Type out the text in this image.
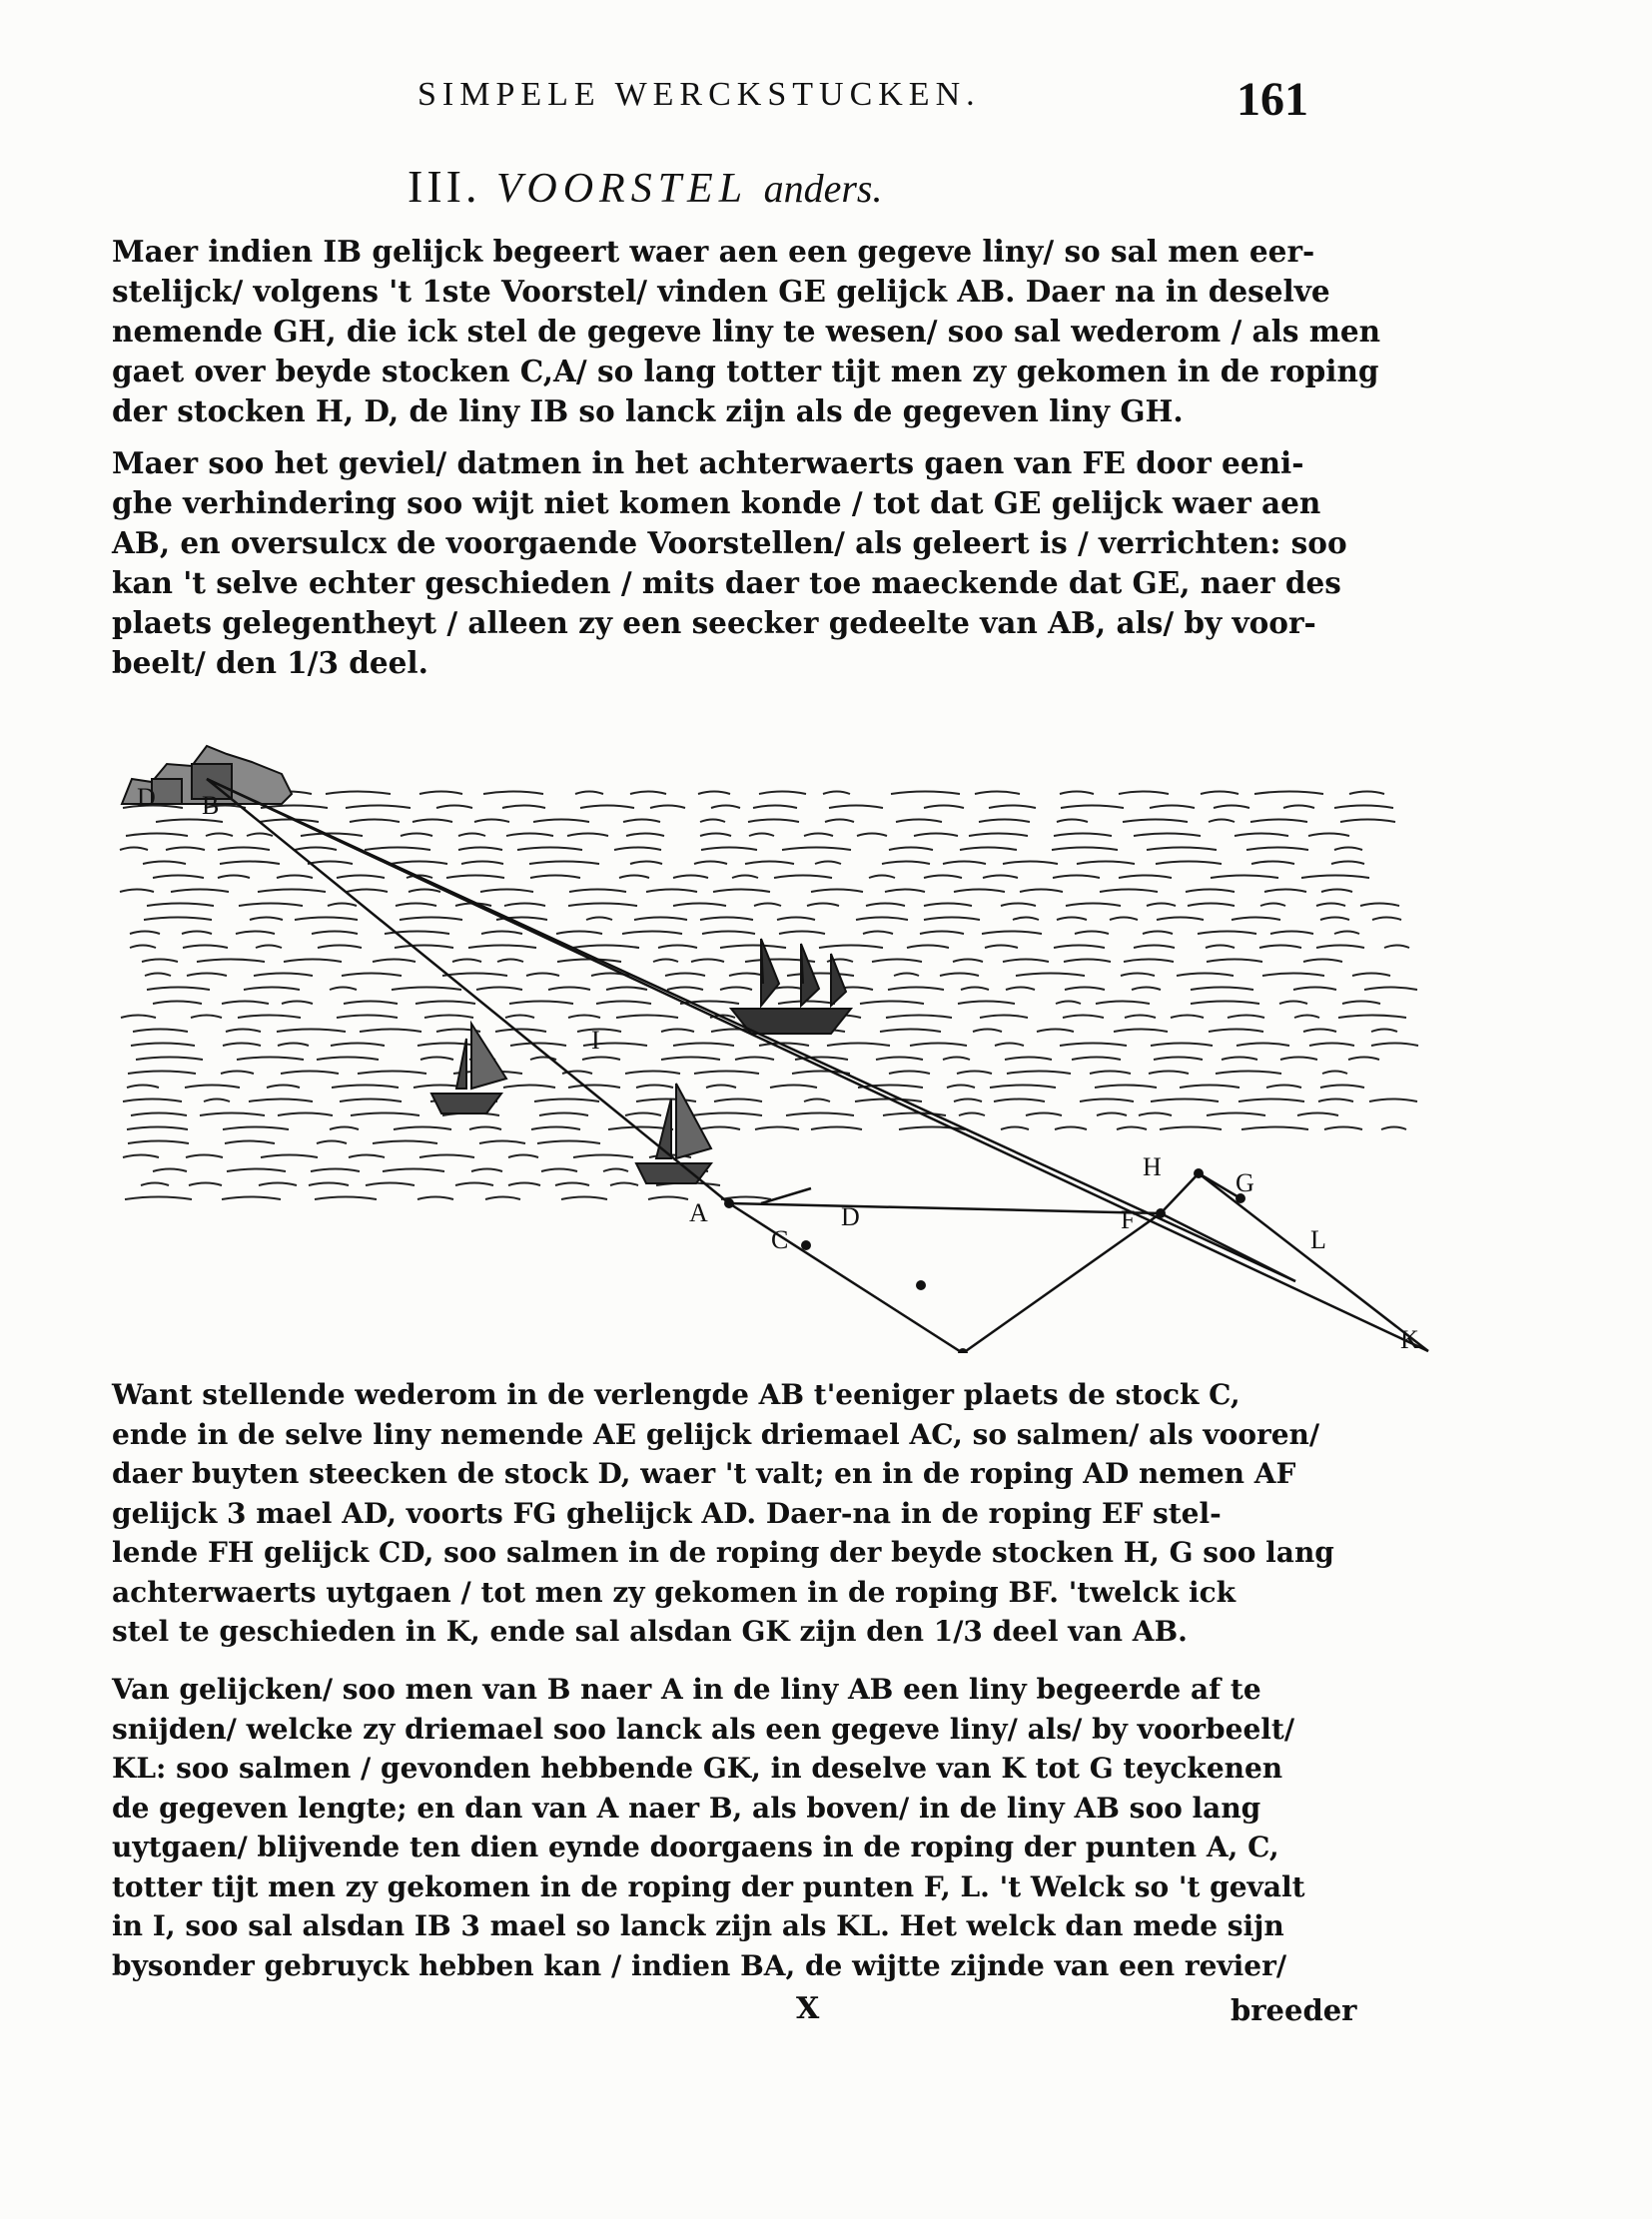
SIMPELE WERCKSTUCKEN.	161
III. VOORSTEL anders.
Maer indien IB gelijck begeert waer aen een gegeve liny/ so sal men eer-
stelijck/ volgens 't 1ste Voorstel/ vinden GE gelijck AB. Daer na in deselve
nemende GH, die ick stel de gegeve liny te wesen/ soo sal wederom / als men
gaet over beyde stocken C,A/ so lang totter tijt men zy gekomen in de roping
der stocken H, D, de liny IB so lanck zijn als de gegeven liny GH.
Maer soo het geviel/ datmen in het achterwaerts gaen van FE door eeni-
ghe verhindering soo wijt niet komen konde / tot dat GE gelijck waer aen
AB, en oversulcx de voorgaende Voorstellen/ als geleert is / verrichten: soo
kan 't selve echter geschieden / mits daer toe maeckende dat GE, naer des
plaets gelegentheyt / alleen zy een seecker gedeelte van AB, als/ by voor-
beelt/ den 1/3 deel.
D B
I
A
C
D	F
H
G
L
K
Want stellende wederom in de verlengde AB t'eeniger plaets de stock C,
ende in de selve liny nemende AE gelijck driemael AC, so salmen/ als vooren/
daer buyten steecken de stock D, waer 't valt; en in de roping AD nemen AF
gelijck 3 mael AD, voorts FG ghelijck AD. Daer-na in de roping EF stel-
lende FH gelijck CD, soo salmen in de roping der beyde stocken H, G soo lang
achterwaerts uytgaen / tot men zy gekomen in de roping BF. 'twelck ick
stel te geschieden in K, ende sal alsdan GK zijn den 1/3 deel van AB.
Van gelijcken/ soo men van B naer A in de liny AB een liny begeerde af te
snijden/ welcke zy driemael soo lanck als een gegeve liny/ als/ by voorbeelt/
KL: soo salmen / gevonden hebbende GK, in deselve van K tot G teyckenen
de gegeven lengte; en dan van A naer B, als boven/ in de liny AB soo lang
uytgaen/ blijvende ten dien eynde doorgaens in de roping der punten A, C,
totter tijt men zy gekomen in de roping der punten F, L. 't Welck so 't gevalt
in I, soo sal alsdan IB 3 mael so lanck zijn als KL. Het welck dan mede sijn
bysonder gebruyck hebben kan / indien BA, de wijtte zijnde van een revier/
X	breeder
